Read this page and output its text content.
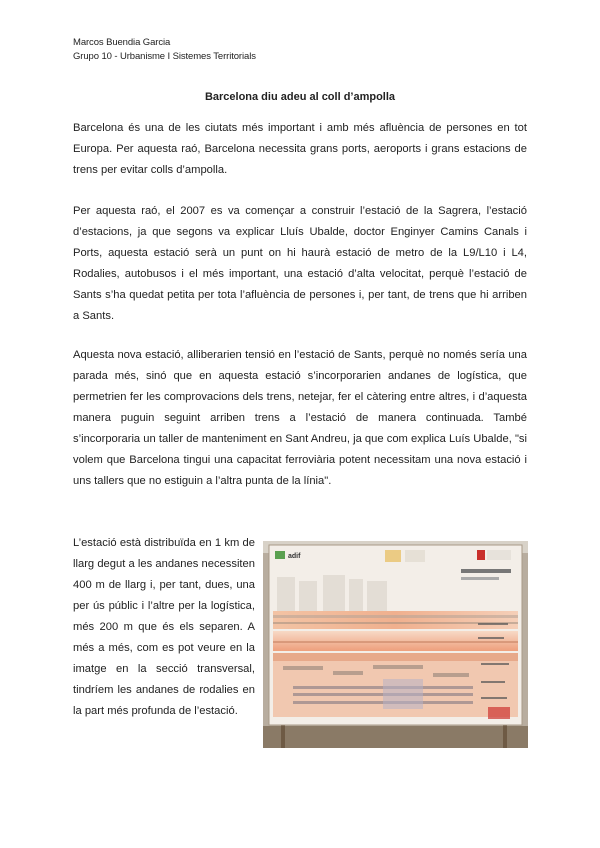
Marcos Buendia Garcia
Grupo 10 - Urbanisme I Sistemes Territorials
Barcelona diu adeu al coll d’ampolla

Barcelona és una de les ciutats més important i amb més afluència de persones en tot Europa. Per aquesta raó, Barcelona necessita grans ports, aeroports i grans estacions de trens per evitar colls d’ampolla.

Per aquesta raó, el 2007 es va començar a construir l’estació de la Sagrera, l’estació d’estacions, ja que segons va explicar Lluís Ubalde, doctor Enginyer Camins Canals i Ports, aquesta estació serà un punt on hi haurà estació de metro de la L9/L10 i L4, Rodalies, autobusos i el més important, una estació d’alta velocitat, perquè l’estació de Sants s’ha quedat petita per tota l’afluència de persones i, per tant, de trens que hi arriben a Sants.

Aquesta nova estació, alliberarien tensió en l’estació de Sants, perquè no només sería una parada més, sinó que en aquesta estació s’incorporarien andanes de logística, que permetrien fer les comprovacions dels trens, netejar, fer el càtering entre altres, i d’aquesta manera puguin seguint arriben trens a l’estació de manera continuada. També s’incorporaria un taller de manteniment en Sant Andreu, ja que com explica Luís Ubalde, "si volem que Barcelona tingui una capacitat ferroviària potent necessitam una nova estació i uns tallers que no estiguin a l’altra punta de la línia".

L’estació està distribuïda en 1 km de llarg degut a les andanes necessiten 400 m de llarg i, per tant, dues, una per ús públic i l’altre per la logística, més 200 m que és els separen. A més a més, com es pot veure en la imatge en la secció transversal, tindríem les andanes de rodalies en la part més profunda de l’estació.

adif
